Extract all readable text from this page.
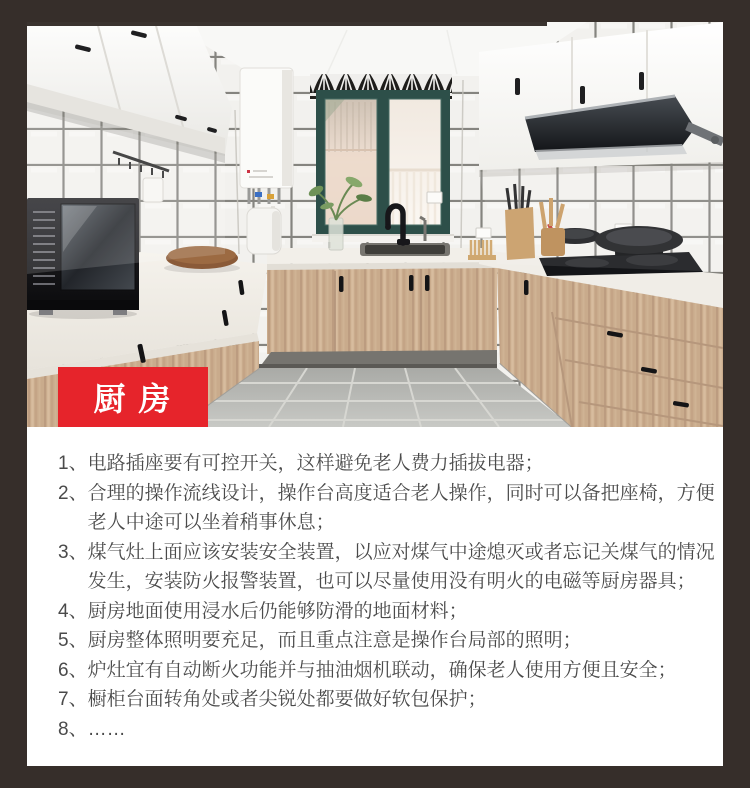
厨 房
1、 电路插座要有可控开关，这样避免老人费力插拔电器；
2、 合理的操作流线设计，操作台高度适合老人操作，同时可以备把座椅，方便老人中途可以坐着稍事休息；
3、 煤气灶上面应该安装安全装置，以应对煤气中途熄灭或者忘记关煤气的情况发生，安装防火报警装置，也可以尽量使用没有明火的电磁等厨房器具；
4、 厨房地面使用浸水后仍能够防滑的地面材料；
5、 厨房整体照明要充足，而且重点注意是操作台局部的照明；
6、 炉灶宜有自动断火功能并与抽油烟机联动，确保老人使用方便且安全；
7、 橱柜台面转角处或者尖锐处都要做好软包保护；
8、 ……
